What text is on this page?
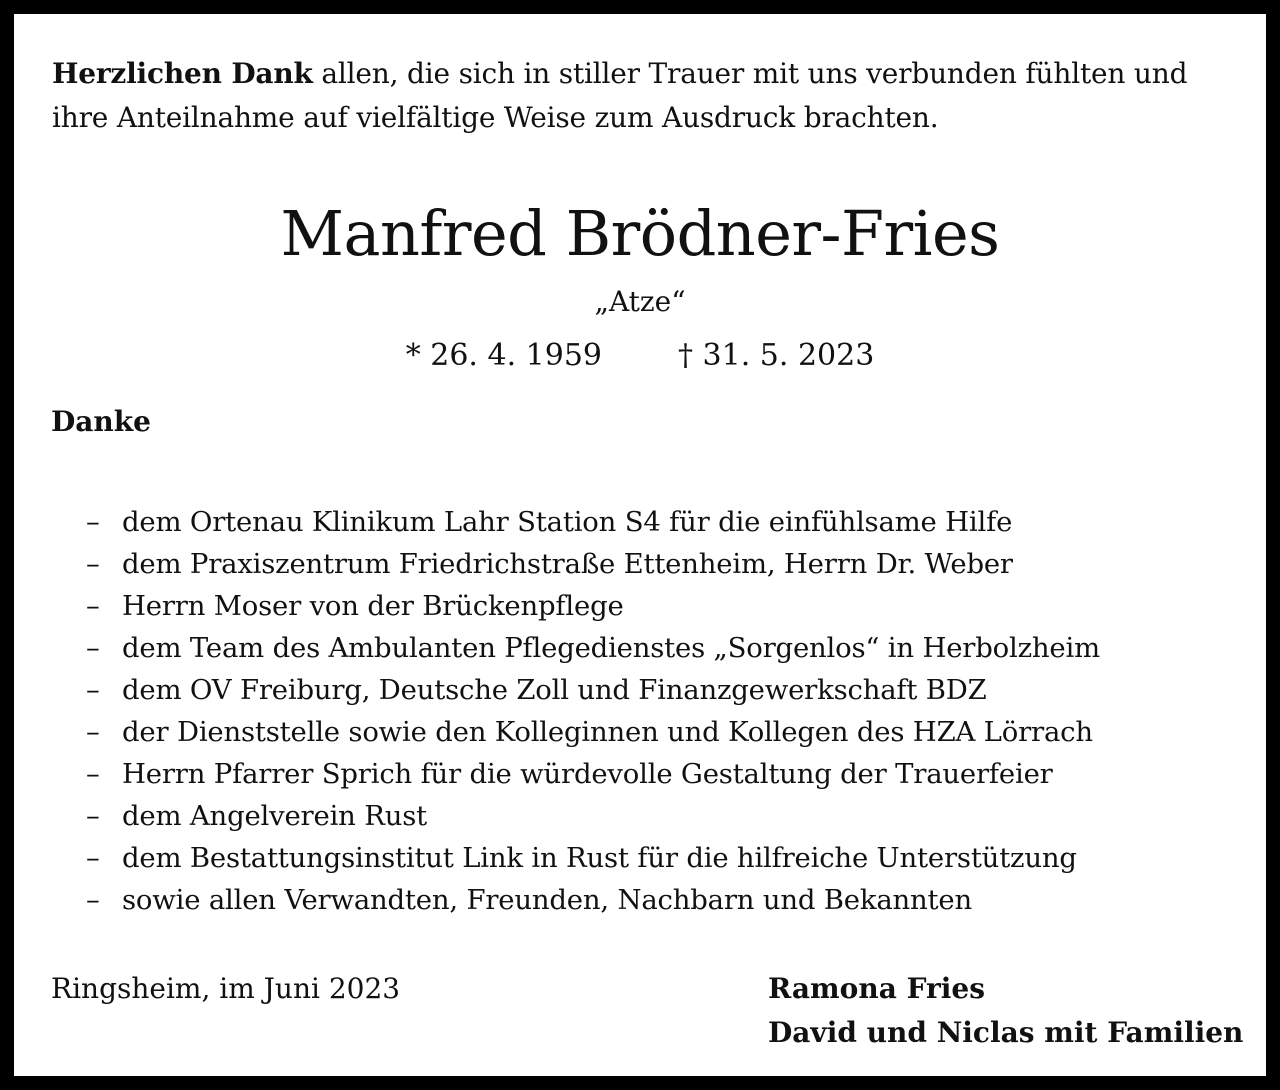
Herzlichen Dank allen, die sich in stiller Trauer mit uns verbunden fühlten und ihre Anteilnahme auf vielfältige Weise zum Ausdruck brachten.

Manfred Brödner-Fries
„Atze“
* 26. 4. 1959	† 31. 5. 2023
Danke
– dem Ortenau Klinikum Lahr Station S4 für die einfühlsame Hilfe
– dem Praxiszentrum Friedrichstraße Ettenheim, Herrn Dr. Weber
– Herrn Moser von der Brückenpflege
– dem Team des Ambulanten Pflegedienstes „Sorgenlos“ in Herbolzheim
– dem OV Freiburg, Deutsche Zoll und Finanzgewerkschaft BDZ
– der Dienststelle sowie den Kolleginnen und Kollegen des HZA Lörrach
– Herrn Pfarrer Sprich für die würdevolle Gestaltung der Trauerfeier
– dem Angelverein Rust
– dem Bestattungsinstitut Link in Rust für die hilfreiche Unterstützung
– sowie allen Verwandten, Freunden, Nachbarn und Bekannten
Ringsheim, im Juni 2023	Ramona Fries
David und Niclas mit Familien
